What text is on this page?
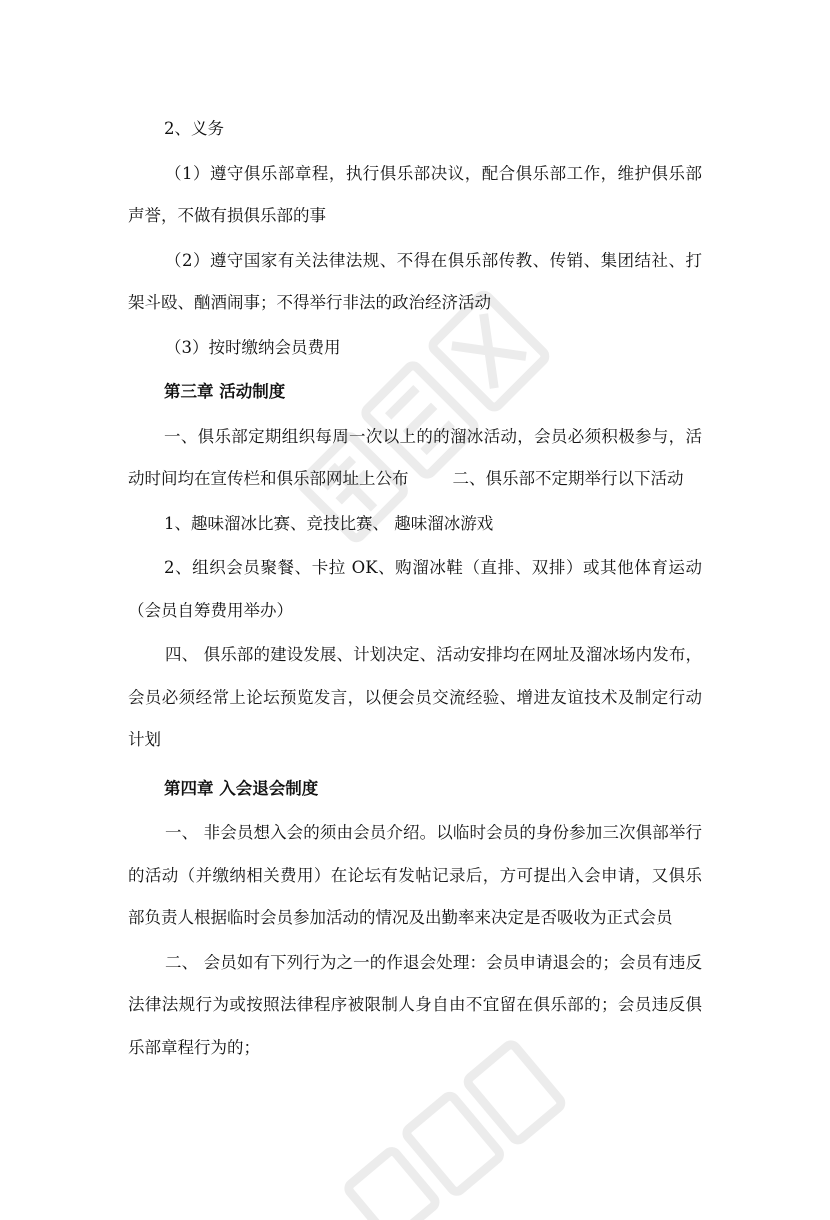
2、义务

（1）遵守俱乐部章程，执行俱乐部决议，配合俱乐部工作，维护俱乐部声誉，不做有损俱乐部的事

（2）遵守国家有关法律法规、不得在俱乐部传教、传销、集团结社、打架斗殴、酗酒闹事；不得举行非法的政治经济活动

（3）按时缴纳会员费用

第三章 活动制度

一、俱乐部定期组织每周一次以上的的溜冰活动，会员必须积极参与，活动时间均在宣传栏和俱乐部网址上公布	二、俱乐部不定期举行以下活动

1、趣味溜冰比赛、竞技比赛、 趣味溜冰游戏

2、组织会员聚餐、卡拉 OK、购溜冰鞋（直排、双排）或其他体育运动（会员自筹费用举办）

四、 俱乐部的建设发展、计划决定、活动安排均在网址及溜冰场内发布，会员必须经常上论坛预览发言，以便会员交流经验、增进友谊技术及制定行动计划

第四章 入会退会制度

一、 非会员想入会的须由会员介绍。以临时会员的身份参加三次俱部举行的活动（并缴纳相关费用）在论坛有发帖记录后，方可提出入会申请，又俱乐部负责人根据临时会员参加活动的情况及出勤率来决定是否吸收为正式会员

二、 会员如有下列行为之一的作退会处理：会员申请退会的；会员有违反法律法规行为或按照法律程序被限制人身自由不宜留在俱乐部的；会员违反俱乐部章程行为的；
